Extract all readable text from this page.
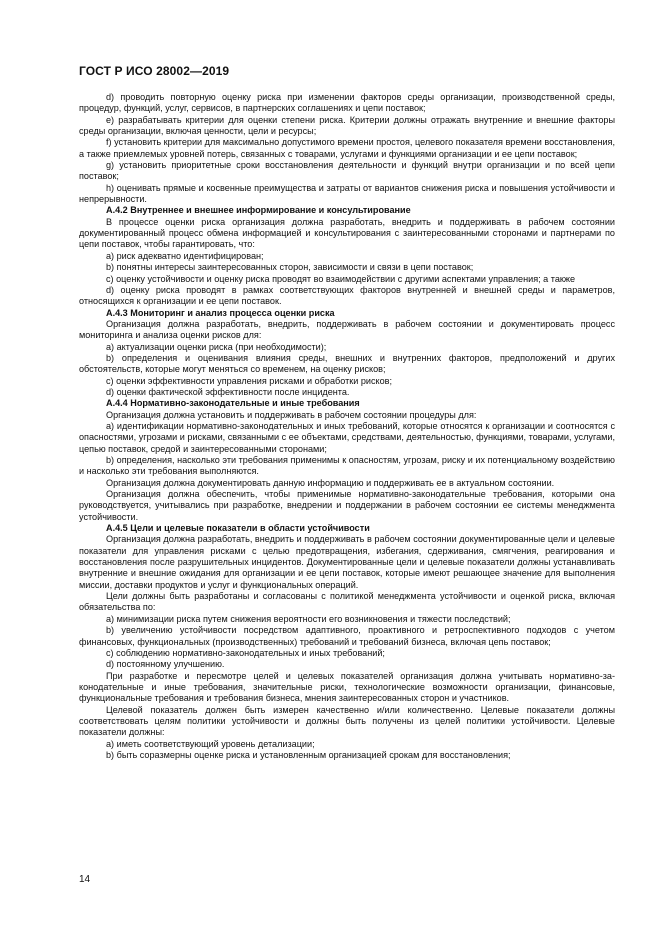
ГОСТ Р ИСО 28002—2019

d) проводить повторную оценку риска при изменении факторов среды организации, производственной среды, процедур, функций, услуг, сервисов, в партнерских соглашениях и цепи поставок;

e) разрабатывать критерии для оценки степени риска. Критерии должны отражать внутренние и внешние факторы среды организации, включая ценности, цели и ресурсы;

f) установить критерии для максимально допустимого времени простоя, целевого показателя времени восстановления, а также приемлемых уровней потерь, связанных с товарами, услугами и функциями организации и ее цепи поставок;

g) установить приоритетные сроки восстановления деятельности и функций внутри организации и по всей цепи поставок;

h) оценивать прямые и косвенные преимущества и затраты от вариантов снижения риска и повышения устойчивости и непрерывности.

А.4.2 Внутреннее и внешнее информирование и консультирование

В процессе оценки риска организация должна разработать, внедрить и поддерживать в рабочем состоянии документированный процесс обмена информацией и консультирования с заинтересованными сторонами и партнерами по цепи поставок, чтобы гарантировать, что:

a) риск адекватно идентифицирован;

b) понятны интересы заинтересованных сторон, зависимости и связи в цепи поставок;

c) оценку устойчивости и оценку риска проводят во взаимодействии с другими аспектами управления; а также

d) оценку риска проводят в рамках соответствующих факторов внутренней и внешней среды и параметров, относящихся к организации и ее цепи поставок.

А.4.3 Мониторинг и анализ процесса оценки риска

Организация должна разработать, внедрить, поддерживать в рабочем состоянии и документировать процесс мониторинга и анализа оценки рисков для:

a) актуализации оценки риска (при необходимости);

b) определения и оценивания влияния среды, внешних и внутренних факторов, предположений и других обстоятельств, которые могут меняться со временем, на оценку рисков;

c) оценки эффективности управления рисками и обработки рисков;

d) оценки фактической эффективности после инцидента.

А.4.4 Нормативно-законодательные и иные требования

Организация должна установить и поддерживать в рабочем состоянии процедуры для:

a) идентификации нормативно-законодательных и иных требований, которые относятся к организации и соотносятся с опасностями, угрозами и рисками, связанными с ее объектами, средствами, деятельностью, функциями, товарами, услугами, цепью поставок, средой и заинтересованными сторонами;

b) определения, насколько эти требования применимы к опасностям, угрозам, риску и их потенциальному воздействию и насколько эти требования выполняются.

Организация должна документировать данную информацию и поддерживать ее в актуальном состоянии.

Организация должна обеспечить, чтобы применимые нормативно-законодательные требования, которыми она руководствуется, учитывались при разработке, внедрении и поддержании в рабочем состоянии ее системы менеджмента устойчивости.

А.4.5 Цели и целевые показатели в области устойчивости

Организация должна разработать, внедрить и поддерживать в рабочем состоянии документированные цели и целевые показатели для управления рисками с целью предотвращения, избегания, сдерживания, смягчения, реагирования и восстановления после разрушительных инцидентов. Документированные цели и целевые показатели должны устанавливать внутренние и внешние ожидания для организации и ее цепи поставок, которые имеют решающее значение для выполнения миссии, доставки продуктов и услуг и функциональных операций.

Цели должны быть разработаны и согласованы с политикой менеджмента устойчивости и оценкой риска, включая обязательства по:

a) минимизации риска путем снижения вероятности его возникновения и тяжести последствий;

b) увеличению устойчивости посредством адаптивного, проактивного и ретроспективного подходов с учетом финансовых, функциональных (производственных) требований и требований бизнеса, включая цепь поставок;

c) соблюдению нормативно-законодательных и иных требований;

d) постоянному улучшению.

При разработке и пересмотре целей и целевых показателей организация должна учитывать нормативно-законодательные и иные требования, значительные риски, технологические возможности организации, финансовые, функциональные требования и требования бизнеса, мнения заинтересованных сторон и участников.

Целевой показатель должен быть измерен качественно и/или количественно. Целевые показатели должны соответствовать целям политики устойчивости и должны быть получены из целей политики устойчивости. Целевые показатели должны:

a) иметь соответствующий уровень детализации;

b) быть соразмерны оценке риска и установленным организацией срокам для восстановления;

14
